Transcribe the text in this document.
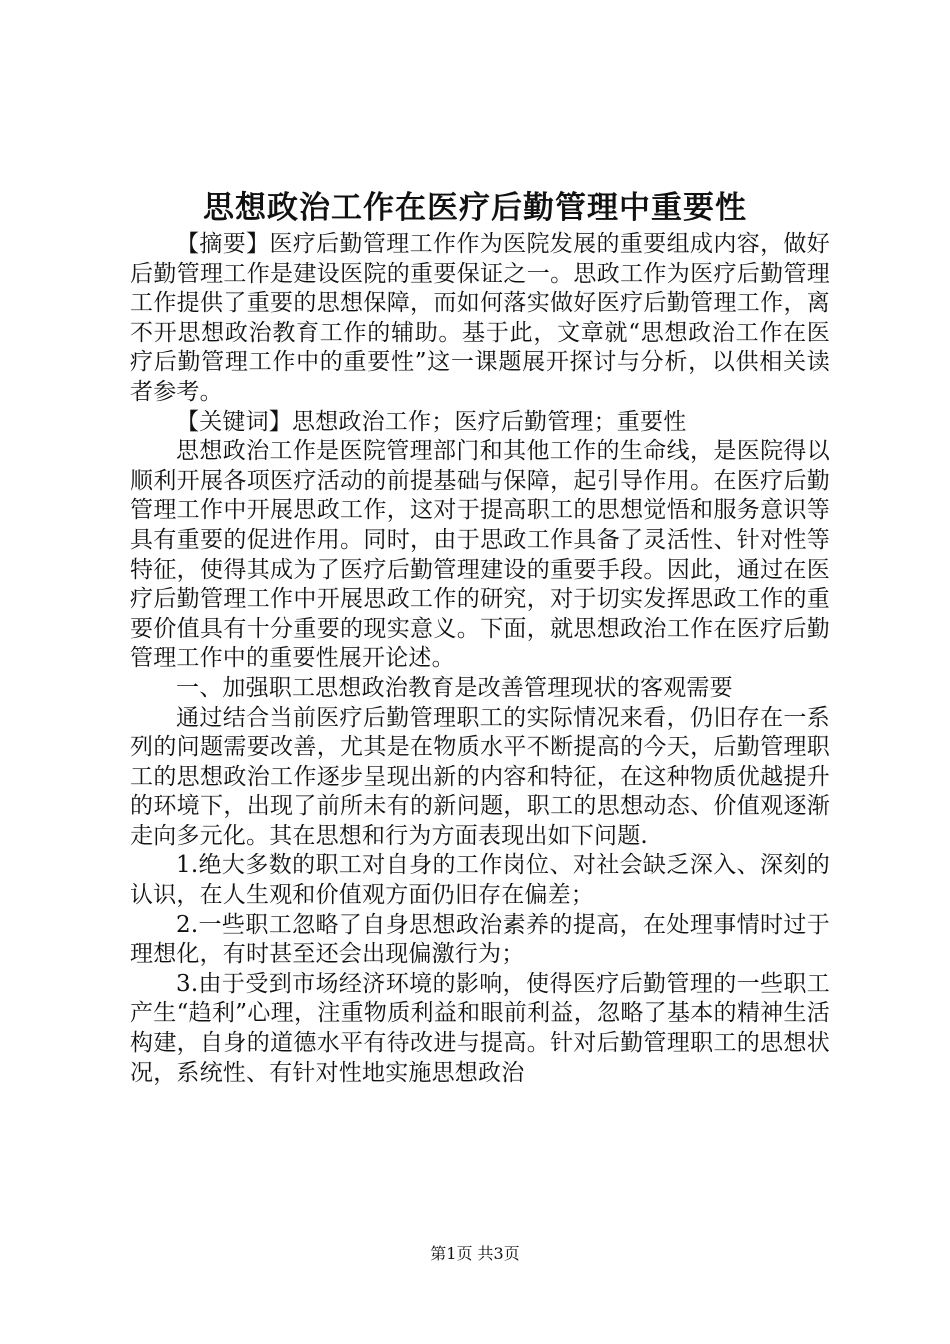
思想政治工作在医疗后勤管理中重要性

【摘要】医疗后勤管理工作作为医院发展的重要组成内容，做好后勤管理工作是建设医院的重要保证之一。思政工作为医疗后勤管理工作提供了重要的思想保障，而如何落实做好医疗后勤管理工作，离不开思想政治教育工作的辅助。基于此，文章就“思想政治工作在医疗后勤管理工作中的重要性”这一课题展开探讨与分析，以供相关读者参考。

【关键词】思想政治工作；医疗后勤管理；重要性

思想政治工作是医院管理部门和其他工作的生命线，是医院得以顺利开展各项医疗活动的前提基础与保障，起引导作用。在医疗后勤管理工作中开展思政工作，这对于提高职工的思想觉悟和服务意识等具有重要的促进作用。同时，由于思政工作具备了灵活性、针对性等特征，使得其成为了医疗后勤管理建设的重要手段。因此，通过在医疗后勤管理工作中开展思政工作的研究，对于切实发挥思政工作的重要价值具有十分重要的现实意义。下面，就思想政治工作在医疗后勤管理工作中的重要性展开论述。

一、加强职工思想政治教育是改善管理现状的客观需要

通过结合当前医疗后勤管理职工的实际情况来看，仍旧存在一系列的问题需要改善，尤其是在物质水平不断提高的今天，后勤管理职工的思想政治工作逐步呈现出新的内容和特征，在这种物质优越提升的环境下，出现了前所未有的新问题，职工的思想动态、价值观逐渐走向多元化。其在思想和行为方面表现出如下问题.

1.绝大多数的职工对自身的工作岗位、对社会缺乏深入、深刻的认识，在人生观和价值观方面仍旧存在偏差；

2.一些职工忽略了自身思想政治素养的提高，在处理事情时过于理想化，有时甚至还会出现偏激行为；

3.由于受到市场经济环境的影响，使得医疗后勤管理的一些职工产生“趋利”心理，注重物质利益和眼前利益，忽略了基本的精神生活构建，自身的道德水平有待改进与提高。针对后勤管理职工的思想状况，系统性、有针对性地实施思想政治

第1页 共3页
